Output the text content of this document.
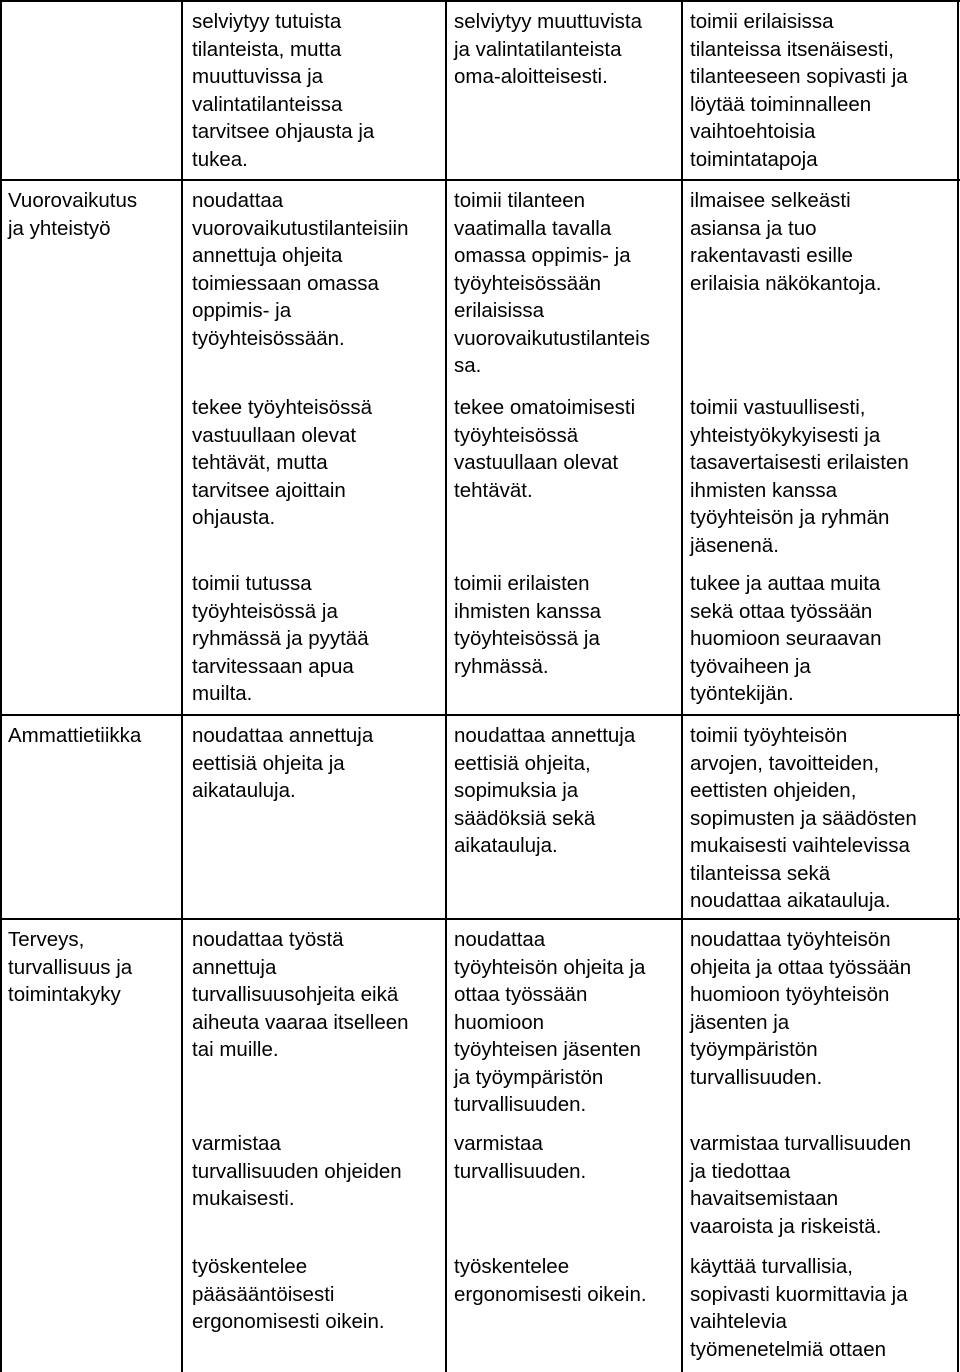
selviytyy tutuista
tilanteista, mutta
muuttuvissa ja
valintatilanteissa
tarvitsee ohjausta ja
tukea.
selviytyy muuttuvista
ja valintatilanteista
oma-aloitteisesti.
toimii erilaisissa
tilanteissa itsenäisesti,
tilanteeseen sopivasti ja
löytää toiminnalleen
vaihtoehtoisia
toimintatapoja
Vuorovaikutus
ja yhteistyö
noudattaa
vuorovaikutustilanteisiin
annettuja ohjeita
toimiessaan omassa
oppimis- ja
työyhteisössään.
toimii tilanteen
vaatimalla tavalla
omassa oppimis- ja
työyhteisössään
erilaisissa
vuorovaikutustilanteis
sa.
ilmaisee selkeästi
asiansa ja tuo
rakentavasti esille
erilaisia näkökantoja.
tekee työyhteisössä
vastuullaan olevat
tehtävät, mutta
tarvitsee ajoittain
ohjausta.
tekee omatoimisesti
työyhteisössä
vastuullaan olevat
tehtävät.
toimii vastuullisesti,
yhteistyökykyisesti ja
tasavertaisesti erilaisten
ihmisten kanssa
työyhteisön ja ryhmän
jäsenenä.
toimii tutussa
työyhteisössä ja
ryhmässä ja pyytää
tarvitessaan apua
muilta.
toimii erilaisten
ihmisten kanssa
työyhteisössä ja
ryhmässä.
tukee ja auttaa muita
sekä ottaa työssään
huomioon seuraavan
työvaiheen ja
työntekijän.
Ammattietiikka noudattaa annettuja
eettisiä ohjeita ja
aikatauluja.
noudattaa annettuja
eettisiä ohjeita,
sopimuksia ja
säädöksiä sekä
aikatauluja.
toimii työyhteisön
arvojen, tavoitteiden,
eettisten ohjeiden,
sopimusten ja säädösten
mukaisesti vaihtelevissa
tilanteissa sekä
noudattaa aikatauluja.
Terveys,
turvallisuus ja
toimintakyky
noudattaa työstä
annettuja
turvallisuusohjeita eikä
aiheuta vaaraa itselleen
tai muille.
noudattaa
työyhteisön ohjeita ja
ottaa työssään
huomioon
työyhteisen jäsenten
ja työympäristön
turvallisuuden.
noudattaa työyhteisön
ohjeita ja ottaa työssään
huomioon työyhteisön
jäsenten ja
työympäristön
turvallisuuden.
varmistaa
turvallisuuden ohjeiden
mukaisesti.
varmistaa
turvallisuuden.
varmistaa turvallisuuden
ja tiedottaa
havaitsemistaan
vaaroista ja riskeistä.
työskentelee
pääsääntöisesti
ergonomisesti oikein.
työskentelee
ergonomisesti oikein.
käyttää turvallisia,
sopivasti kuormittavia ja
vaihtelevia
työmenetelmiä ottaen
